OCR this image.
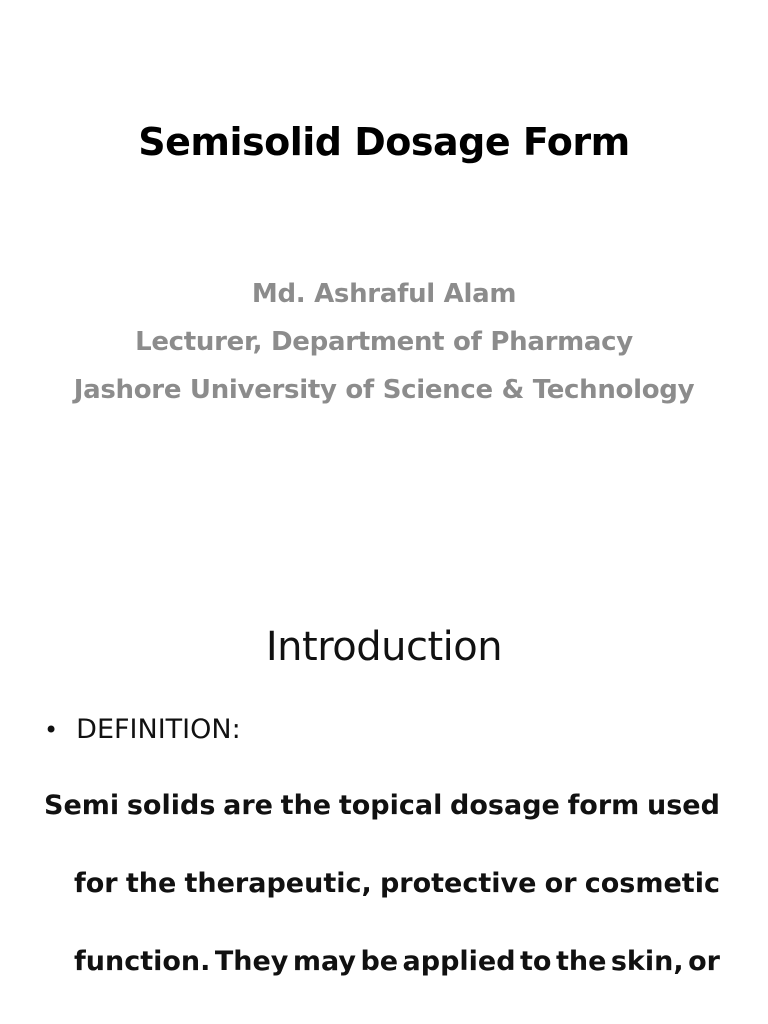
Semisolid Dosage Form
Md. Ashraful Alam
Lecturer, Department of Pharmacy
Jashore University of Science & Technology
Introduction
• DEFINITION:
Semi solids are the topical dosage form used
for the therapeutic, protective or cosmetic
function. They may be applied to the skin, or
